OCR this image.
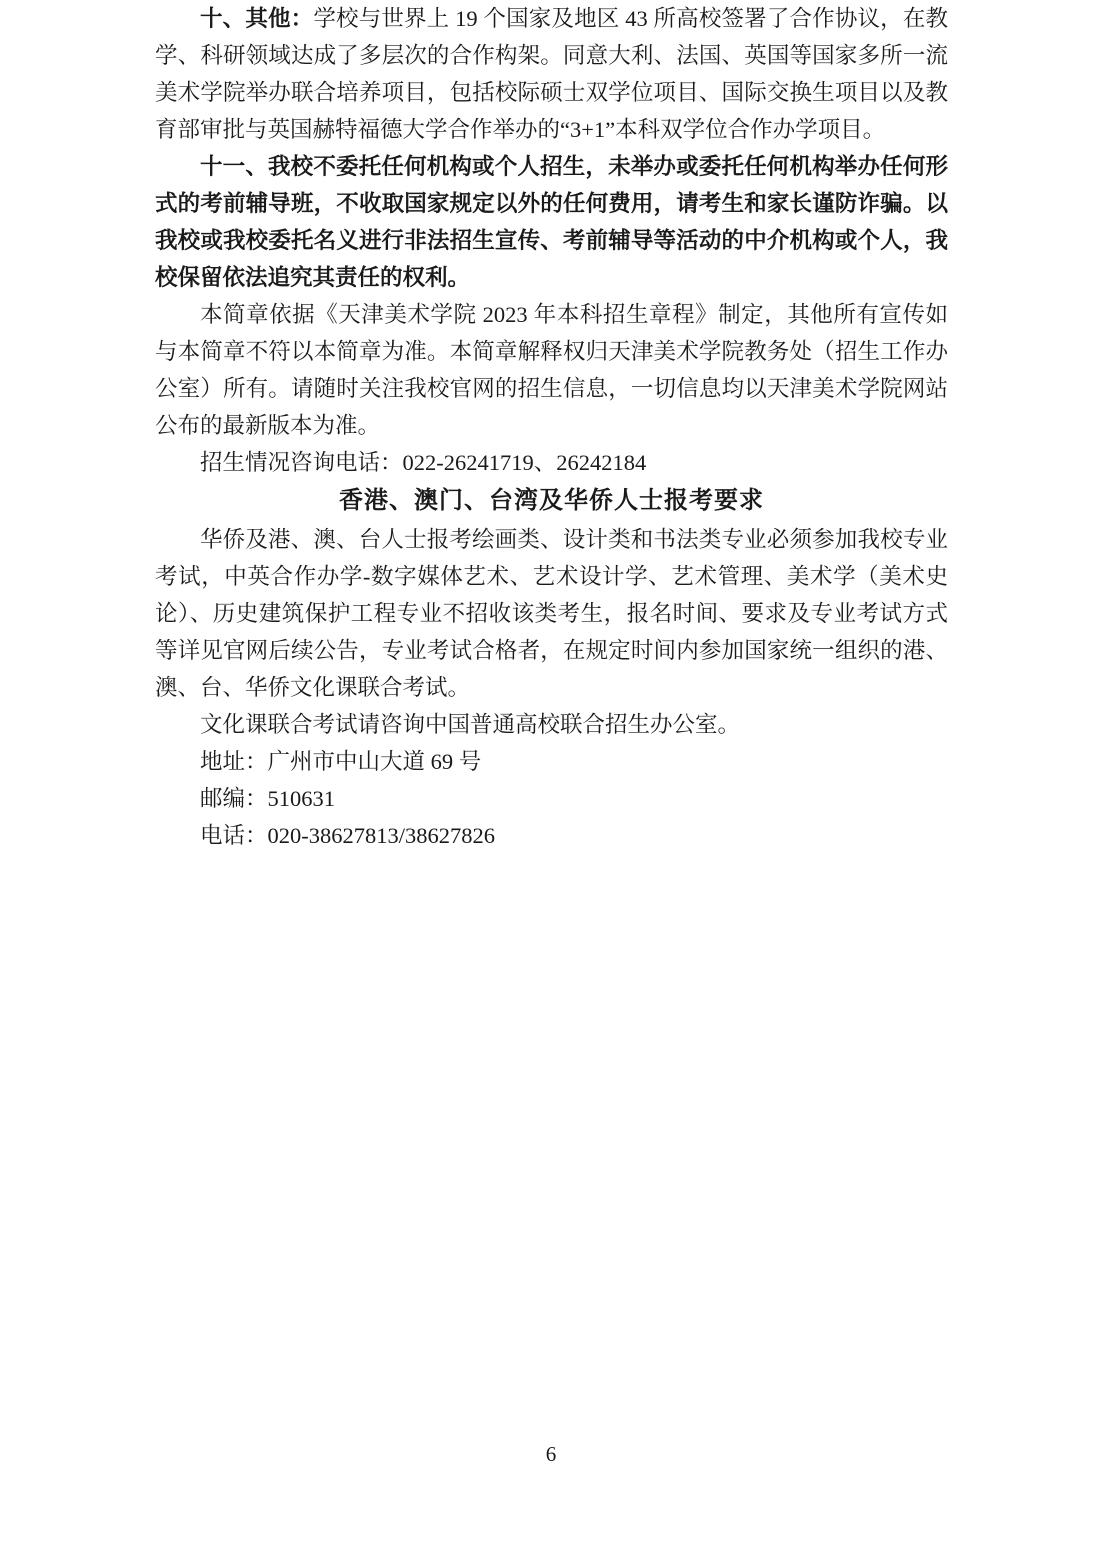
十、其他：学校与世界上 19 个国家及地区 43 所高校签署了合作协议，在教学、科研领域达成了多层次的合作构架。同意大利、法国、英国等国家多所一流美术学院举办联合培养项目，包括校际硕士双学位项目、国际交换生项目以及教育部审批与英国赫特福德大学合作举办的“3+1”本科双学位合作办学项目。

十一、我校不委托任何机构或个人招生，未举办或委托任何机构举办任何形式的考前辅导班，不收取国家规定以外的任何费用，请考生和家长谨防诈骗。以我校或我校委托名义进行非法招生宣传、考前辅导等活动的中介机构或个人，我校保留依法追究其责任的权利。

本简章依据《天津美术学院 2023 年本科招生章程》制定，其他所有宣传如与本简章不符以本简章为准。本简章解释权归天津美术学院教务处（招生工作办公室）所有。请随时关注我校官网的招生信息，一切信息均以天津美术学院网站公布的最新版本为准。

招生情况咨询电话：022-26241719、26242184

香港、澳门、台湾及华侨人士报考要求

华侨及港、澳、台人士报考绘画类、设计类和书法类专业必须参加我校专业考试，中英合作办学-数字媒体艺术、艺术设计学、艺术管理、美术学（美术史论）、历史建筑保护工程专业不招收该类考生，报名时间、要求及专业考试方式等详见官网后续公告，专业考试合格者，在规定时间内参加国家统一组织的港、澳、台、华侨文化课联合考试。

文化课联合考试请咨询中国普通高校联合招生办公室。

地址：广州市中山大道 69 号

邮编：510631

电话：020-38627813/38627826

6
